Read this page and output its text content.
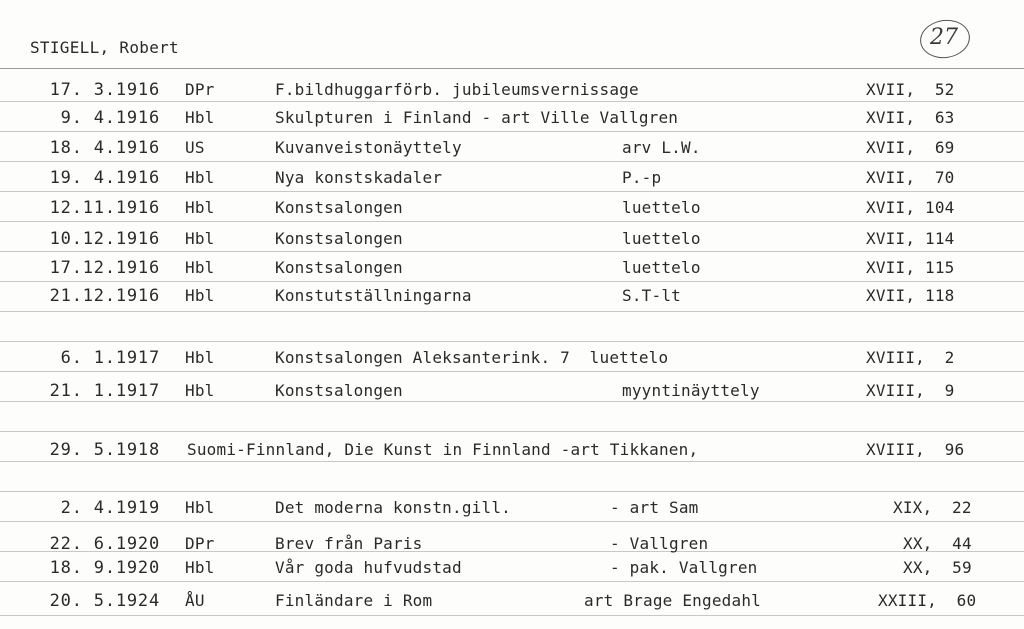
STIGELL, Robert	27
17. 3.1916 DPr	F.bildhuggarförb. jubileumsvernissage	XVII,  52
9. 4.1916 Hbl	Skulpturen i Finland - art Ville Vallgren	XVII,  63
18. 4.1916 US	Kuvanveistonäyttely	arv L.W.	XVII,  69
19. 4.1916 Hbl	Nya konstskadaler	P.-p	XVII,  70
12.11.1916 Hbl	Konstsalongen	luettelo	XVII, 104
10.12.1916 Hbl	Konstsalongen	luettelo	XVII, 114
17.12.1916 Hbl	Konstsalongen	luettelo	XVII, 115
21.12.1916 Hbl	Konstutställningarna	S.T-lt	XVII, 118
6. 1.1917 Hbl	Konstsalongen Aleksanterink. 7  luettelo	XVIII,  2
21. 1.1917 Hbl	Konstsalongen	myyntinäyttely	XVIII,  9
29. 5.1918 Suomi-Finnland, Die Kunst in Finnland -art Tikkanen,	XVIII,  96
2. 4.1919 Hbl	Det moderna konstn.gill.	- art Sam	XIX,  22
22. 6.1920 DPr	Brev från Paris	- Vallgren	XX,  44
18. 9.1920 Hbl	Vår goda hufvudstad	- pak. Vallgren	XX,  59
20. 5.1924 ÅU	Finländare i Rom	art Brage Engedahl	XXIII,  60
